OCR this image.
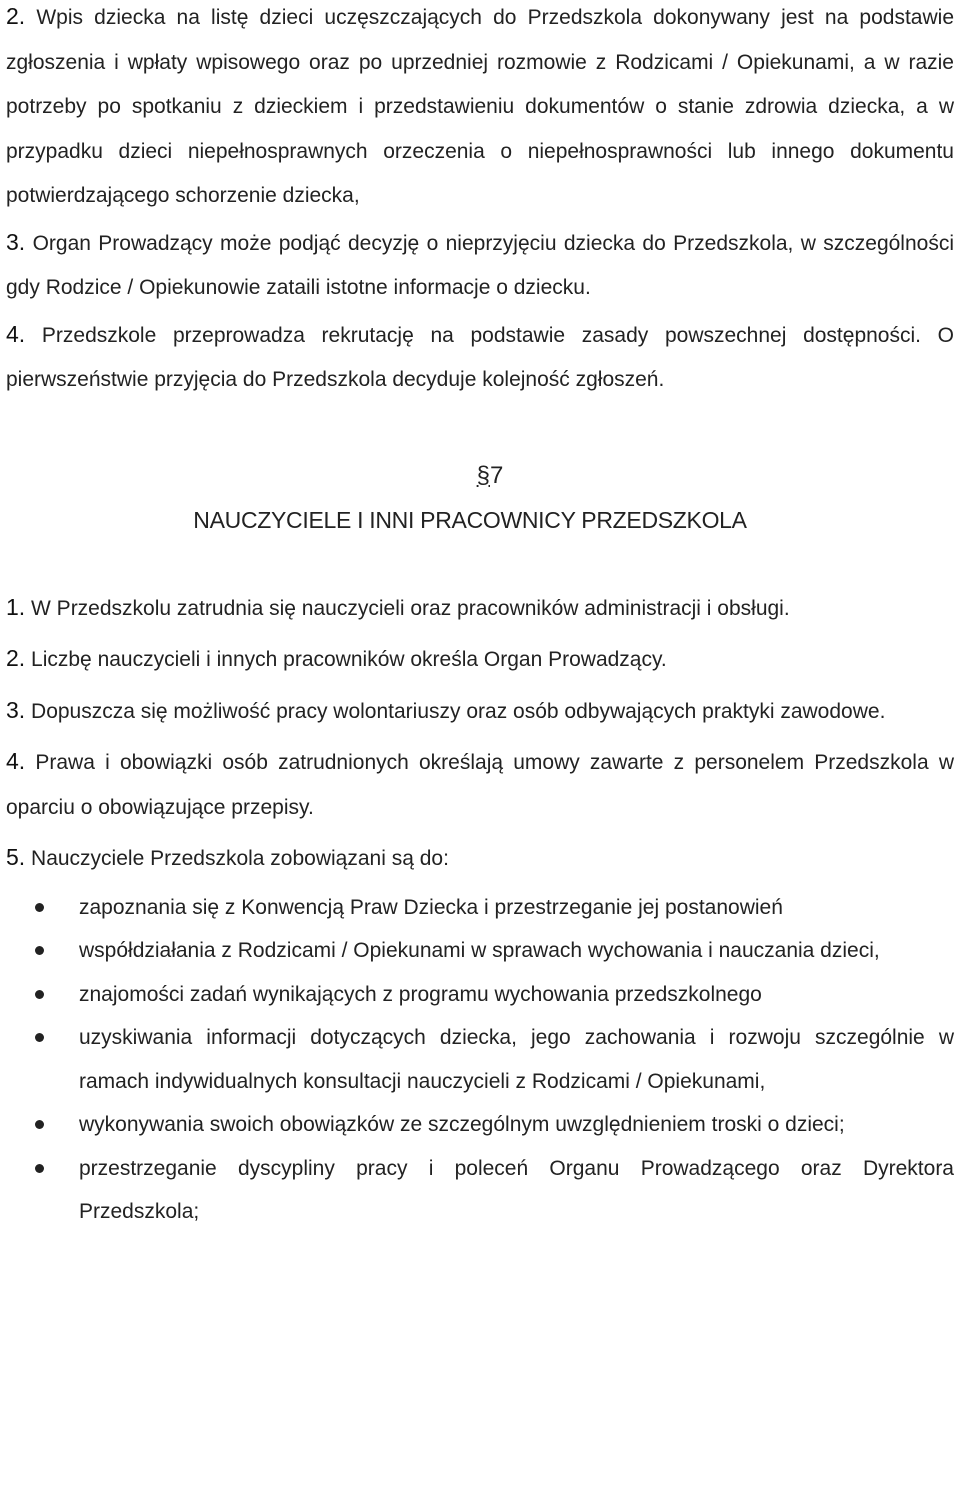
2. Wpis dziecka na listę dzieci uczęszczających do Przedszkola dokonywany jest na podstawie zgłoszenia i wpłaty wpisowego oraz po uprzedniej rozmowie z Rodzicami / Opiekunami, a w razie potrzeby po spotkaniu z dzieckiem i przedstawieniu dokumentów o stanie zdrowia dziecka, a w przypadku dzieci niepełnosprawnych orzeczenia o niepełnosprawności lub innego dokumentu potwierdzającego schorzenie dziecka,

3. Organ Prowadzący może podjąć decyzję o nieprzyjęciu dziecka do Przedszkola, w szczególności gdy Rodzice / Opiekunowie zataili istotne informacje o dziecku.

4. Przedszkole przeprowadza rekrutację na podstawie zasady powszechnej dostępności. O pierwszeństwie przyjęcia do Przedszkola decyduje kolejność zgłoszeń.

§7
NAUCZYCIELE I INNI PRACOWNICY PRZEDSZKOLA

1. W Przedszkolu zatrudnia się nauczycieli oraz pracowników administracji i obsługi.

2. Liczbę nauczycieli i innych pracowników określa Organ Prowadzący.

3. Dopuszcza się możliwość pracy wolontariuszy oraz osób odbywających praktyki zawodowe.

4. Prawa i obowiązki osób zatrudnionych określają umowy zawarte z personelem Przedszkola w oparciu o obowiązujące przepisy.

5. Nauczyciele Przedszkola zobowiązani są do:

zapoznania się z Konwencją Praw Dziecka i przestrzeganie jej postanowień
współdziałania z Rodzicami / Opiekunami w sprawach wychowania i nauczania dzieci,
znajomości zadań wynikających z programu wychowania przedszkolnego
uzyskiwania informacji dotyczących dziecka, jego zachowania i rozwoju szczególnie w ramach indywidualnych konsultacji nauczycieli z Rodzicami / Opiekunami,
wykonywania swoich obowiązków ze szczególnym uwzględnieniem troski o dzieci;
przestrzeganie dyscypliny pracy i poleceń Organu Prowadzącego oraz Dyrektora Przedszkola;
